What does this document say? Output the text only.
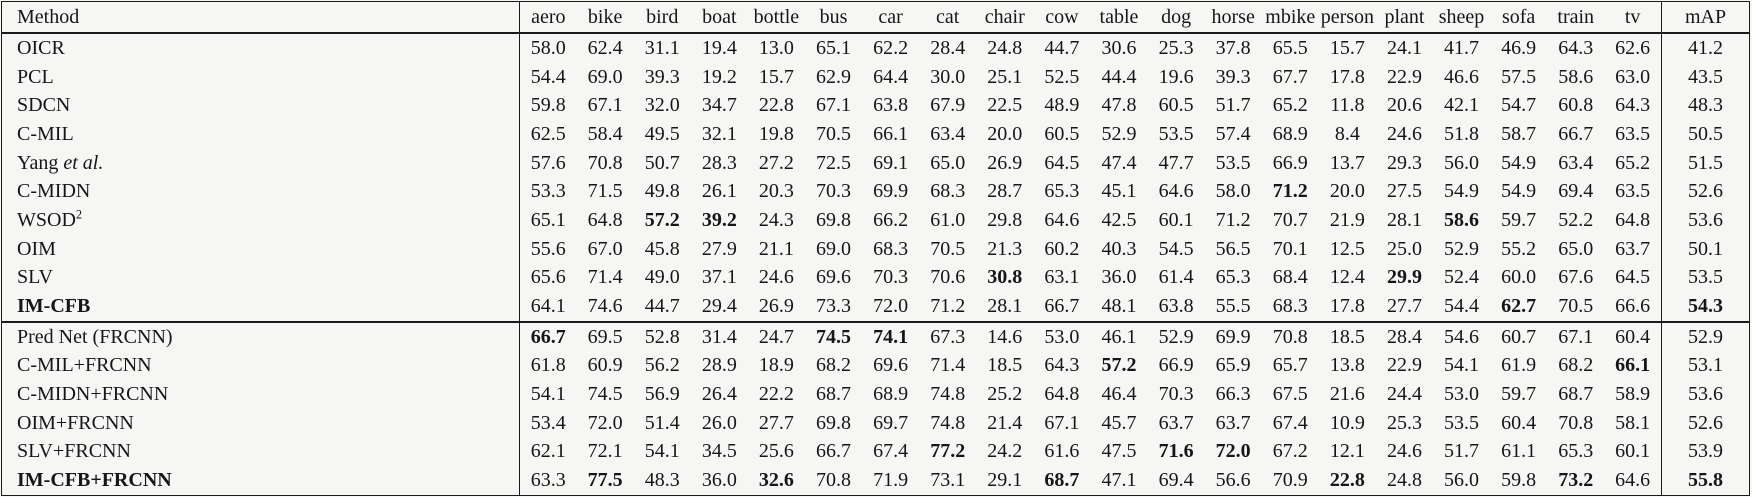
Method	aero	bike	bird	boat	bottle	bus	car	cat	chair	cow	table	dog	horse	mbike	person	plant	sheep	sofa	train	tv	mAP
OICR	58.0	62.4	31.1	19.4	13.0	65.1	62.2	28.4	24.8	44.7	30.6	25.3	37.8	65.5	15.7	24.1	41.7	46.9	64.3	62.6	41.2
PCL	54.4	69.0	39.3	19.2	15.7	62.9	64.4	30.0	25.1	52.5	44.4	19.6	39.3	67.7	17.8	22.9	46.6	57.5	58.6	63.0	43.5
SDCN	59.8	67.1	32.0	34.7	22.8	67.1	63.8	67.9	22.5	48.9	47.8	60.5	51.7	65.2	11.8	20.6	42.1	54.7	60.8	64.3	48.3
C-MIL	62.5	58.4	49.5	32.1	19.8	70.5	66.1	63.4	20.0	60.5	52.9	53.5	57.4	68.9	8.4	24.6	51.8	58.7	66.7	63.5	50.5
Yang et al.	57.6	70.8	50.7	28.3	27.2	72.5	69.1	65.0	26.9	64.5	47.4	47.7	53.5	66.9	13.7	29.3	56.0	54.9	63.4	65.2	51.5
C-MIDN	53.3	71.5	49.8	26.1	20.3	70.3	69.9	68.3	28.7	65.3	45.1	64.6	58.0	71.2	20.0	27.5	54.9	54.9	69.4	63.5	52.6
WSOD$^2$	65.1	64.8	57.2	39.2	24.3	69.8	66.2	61.0	29.8	64.6	42.5	60.1	71.2	70.7	21.9	28.1	58.6	59.7	52.2	64.8	53.6
OIM	55.6	67.0	45.8	27.9	21.1	69.0	68.3	70.5	21.3	60.2	40.3	54.5	56.5	70.1	12.5	25.0	52.9	55.2	65.0	63.7	50.1
SLV	65.6	71.4	49.0	37.1	24.6	69.6	70.3	70.6	30.8	63.1	36.0	61.4	65.3	68.4	12.4	29.9	52.4	60.0	67.6	64.5	53.5
IM-CFB	64.1	74.6	44.7	29.4	26.9	73.3	72.0	71.2	28.1	66.7	48.1	63.8	55.5	68.3	17.8	27.7	54.4	62.7	70.5	66.6	54.3
Pred Net (FRCNN)	66.7	69.5	52.8	31.4	24.7	74.5	74.1	67.3	14.6	53.0	46.1	52.9	69.9	70.8	18.5	28.4	54.6	60.7	67.1	60.4	52.9
C-MIL+FRCNN	61.8	60.9	56.2	28.9	18.9	68.2	69.6	71.4	18.5	64.3	57.2	66.9	65.9	65.7	13.8	22.9	54.1	61.9	68.2	66.1	53.1
C-MIDN+FRCNN	54.1	74.5	56.9	26.4	22.2	68.7	68.9	74.8	25.2	64.8	46.4	70.3	66.3	67.5	21.6	24.4	53.0	59.7	68.7	58.9	53.6
OIM+FRCNN	53.4	72.0	51.4	26.0	27.7	69.8	69.7	74.8	21.4	67.1	45.7	63.7	63.7	67.4	10.9	25.3	53.5	60.4	70.8	58.1	52.6
SLV+FRCNN	62.1	72.1	54.1	34.5	25.6	66.7	67.4	77.2	24.2	61.6	47.5	71.6	72.0	67.2	12.1	24.6	51.7	61.1	65.3	60.1	53.9
IM-CFB+FRCNN	63.3	77.5	48.3	36.0	32.6	70.8	71.9	73.1	29.1	68.7	47.1	69.4	56.6	70.9	22.8	24.8	56.0	59.8	73.2	64.6	55.8
